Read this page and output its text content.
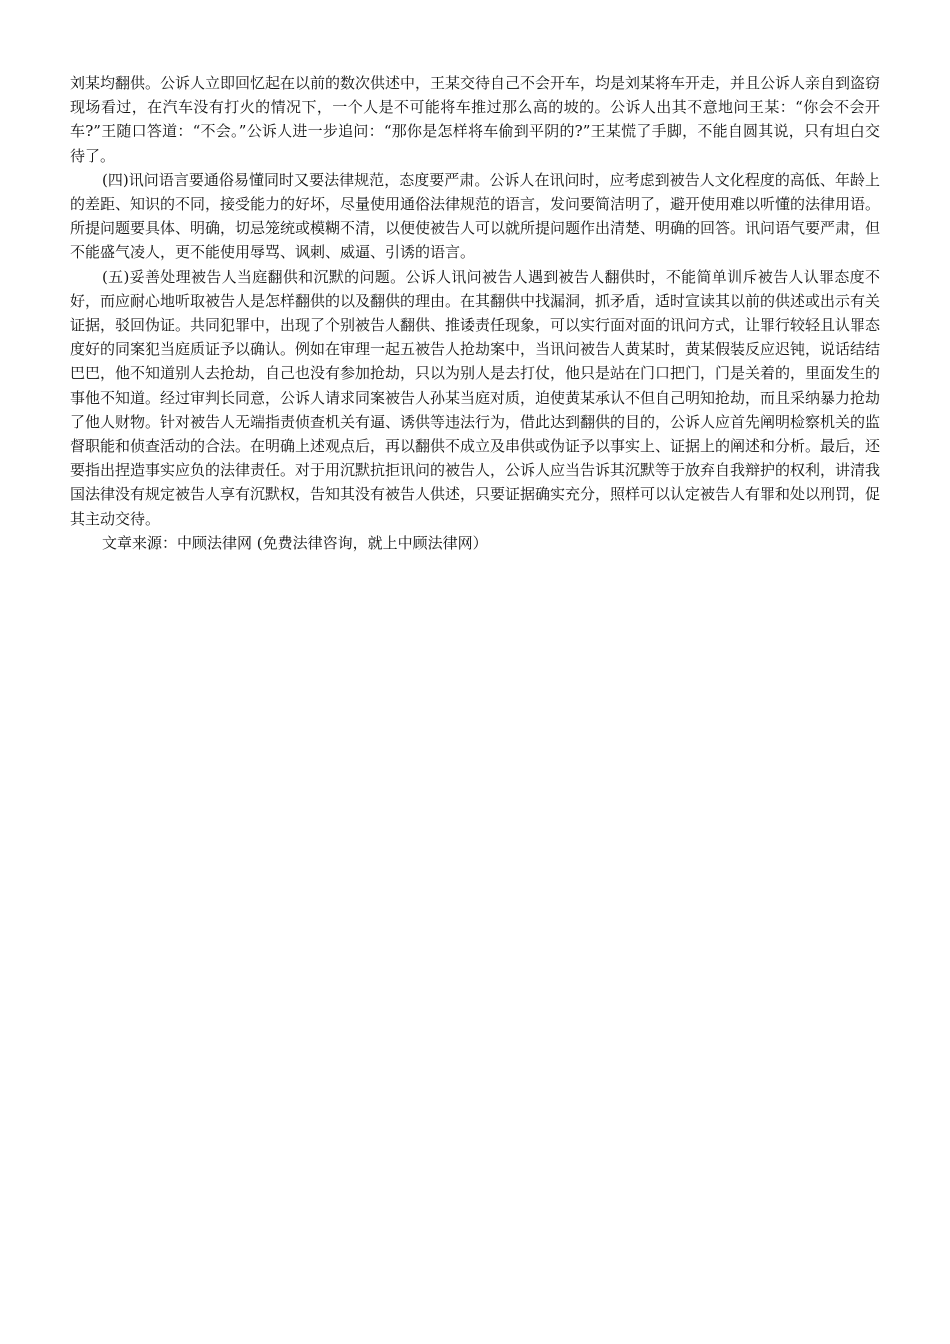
刘某均翻供。公诉人立即回忆起在以前的数次供述中，王某交待自己不会开车，均是刘某将车开走，并且公诉人亲自到盗窃现场看过，在汽车没有打火的情况下，一个人是不可能将车推过那么高的坡的。公诉人出其不意地问王某：“你会不会开车?”王随口答道：“不会。”公诉人进一步追问：“那你是怎样将车偷到平阴的?”王某慌了手脚，不能自圆其说，只有坦白交待了。

(四)讯问语言要通俗易懂同时又要法律规范，态度要严肃。公诉人在讯问时，应考虑到被告人文化程度的高低、年龄上的差距、知识的不同，接受能力的好坏，尽量使用通俗法律规范的语言，发问要简洁明了，避开使用难以听懂的法律用语。所提问题要具体、明确，切忌笼统或模糊不清，以便使被告人可以就所提问题作出清楚、明确的回答。讯问语气要严肃，但不能盛气凌人，更不能使用辱骂、讽刺、威逼、引诱的语言。

(五)妥善处理被告人当庭翻供和沉默的问题。公诉人讯问被告人遇到被告人翻供时，不能简单训斥被告人认罪态度不好，而应耐心地听取被告人是怎样翻供的以及翻供的理由。在其翻供中找漏洞，抓矛盾，适时宣读其以前的供述或出示有关证据，驳回伪证。共同犯罪中，出现了个别被告人翻供、推诿责任现象，可以实行面对面的讯问方式，让罪行较轻且认罪态度好的同案犯当庭质证予以确认。例如在审理一起五被告人抢劫案中，当讯问被告人黄某时，黄某假装反应迟钝，说话结结巴巴，他不知道别人去抢劫，自己也没有参加抢劫，只以为别人是去打仗，他只是站在门口把门，门是关着的，里面发生的事他不知道。经过审判长同意，公诉人请求同案被告人孙某当庭对质，迫使黄某承认不但自己明知抢劫，而且采纳暴力抢劫了他人财物。针对被告人无端指责侦查机关有逼、诱供等违法行为，借此达到翻供的目的，公诉人应首先阐明检察机关的监督职能和侦查活动的合法。在明确上述观点后，再以翻供不成立及串供或伪证予以事实上、证据上的阐述和分析。最后，还要指出捏造事实应负的法律责任。对于用沉默抗拒讯问的被告人，公诉人应当告诉其沉默等于放弃自我辩护的权利，讲清我国法律没有规定被告人享有沉默权，告知其没有被告人供述，只要证据确实充分，照样可以认定被告人有罪和处以刑罚，促其主动交待。

文章来源：中顾法律网 (免费法律咨询，就上中顾法律网）
